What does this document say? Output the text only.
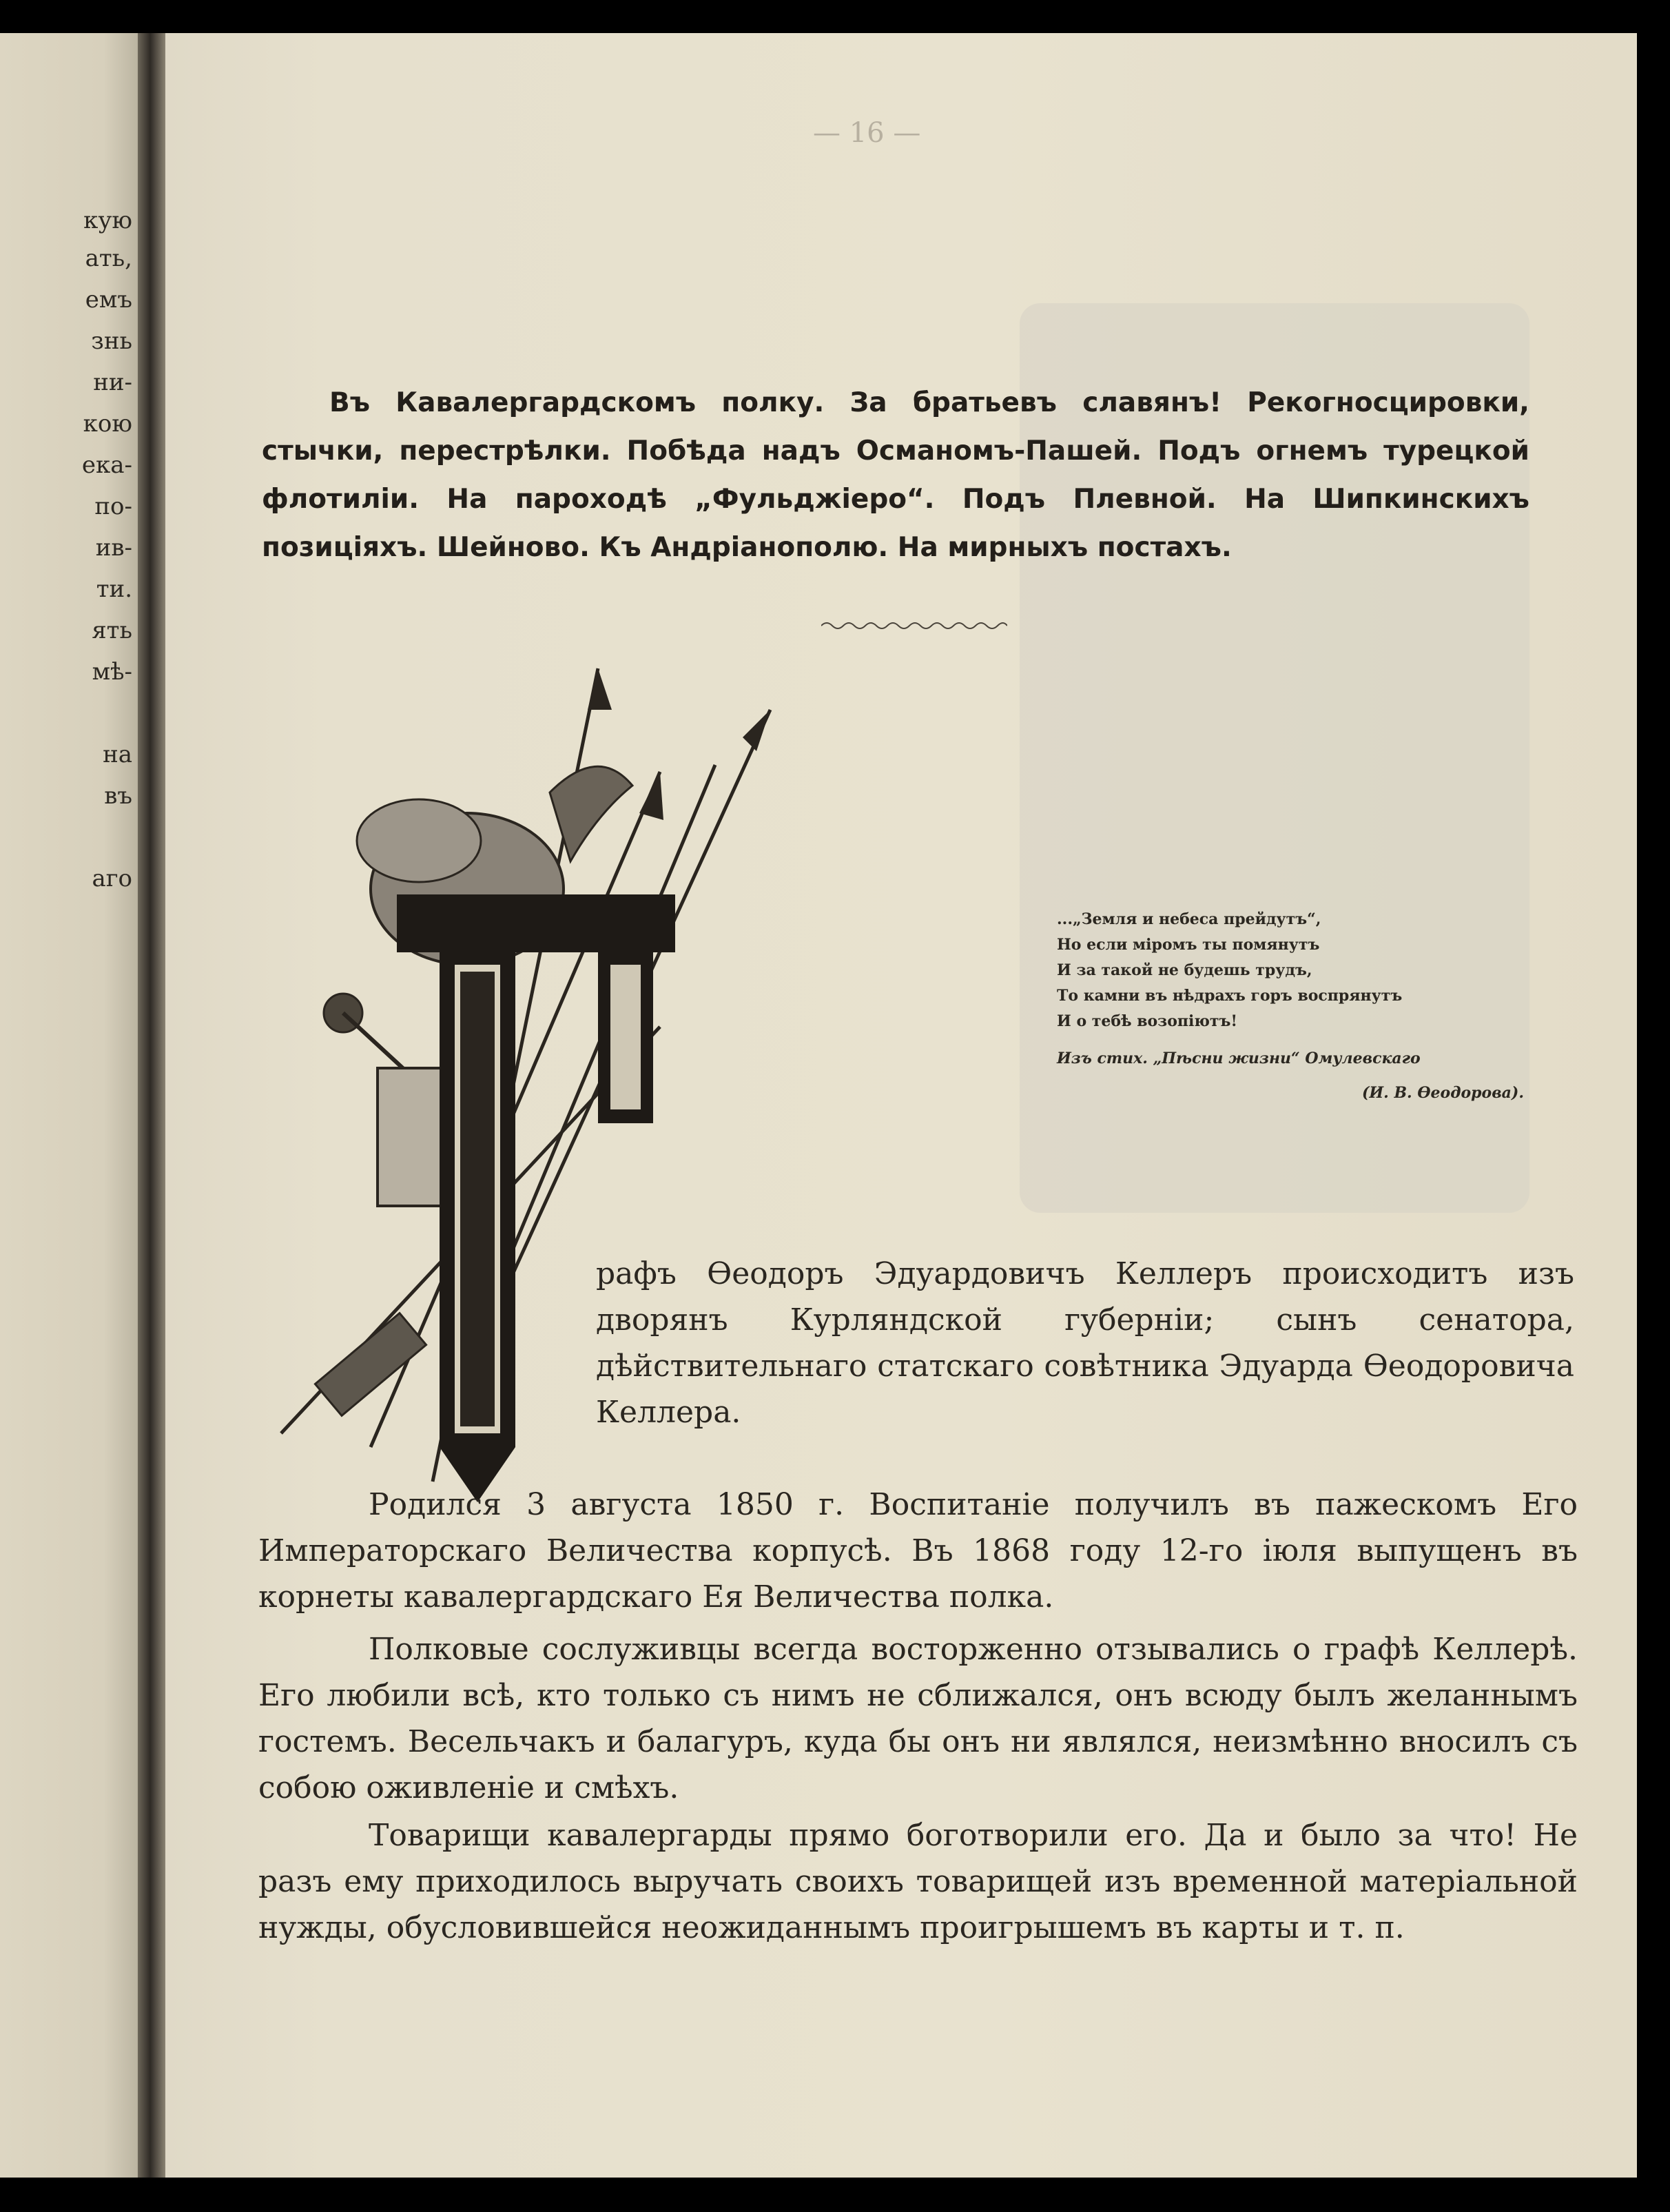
кую
ать,
емъ
знь
ни-
кою
ека-
по-
ив-
ти.
ять
мѣ-
на
въ
аго
— 16 —
Въ Кавалергардскомъ полку. За братьевъ славянъ! Рекогносцировки, стычки, перестрѣлки. Побѣда надъ Османомъ-Пашей. Подъ огнемъ турецкой флотиліи. На пароходѣ „Фульджіеро“. Подъ Плевной. На Шипкинскихъ позиціяхъ. Шейново. Къ Андріанополю. На мирныхъ постахъ.
...„Земля и небеса прейдутъ“,
Но если міромъ ты помянутъ
И за такой не будешь трудъ,
То камни въ нѣдрахъ горъ воспрянутъ
И о тебѣ возопіютъ!
Изъ стих. „Пѣсни жизни“ Омулевскаго
(И. В. Ѳеодорова).
рафъ Ѳеодоръ Эдуардовичъ Келлеръ происходитъ изъ дворянъ Курляндской губерніи; сынъ сенатора, дѣйствительнаго статскаго совѣтника Эдуарда Ѳеодоровича Келлера.
Родился 3 августа 1850 г. Воспитаніе получилъ въ пажескомъ Его Императорскаго Величества корпусѣ. Въ 1868 году 12-го іюля выпущенъ въ корнеты кавалергардскаго Ея Величества полка.
Полковые сослуживцы всегда восторженно отзывались о графѣ Келлерѣ. Его любили всѣ, кто только съ нимъ не сближался, онъ всюду былъ желаннымъ гостемъ. Весельчакъ и балагуръ, куда бы онъ ни являлся, неизмѣнно вносилъ съ собою оживленіе и смѣхъ.
Товарищи кавалергарды прямо боготворили его. Да и было за что! Не разъ ему приходилось выручать своихъ товарищей изъ временной матеріальной нужды, обусловившейся неожиданнымъ проигрышемъ въ карты и т. п.
